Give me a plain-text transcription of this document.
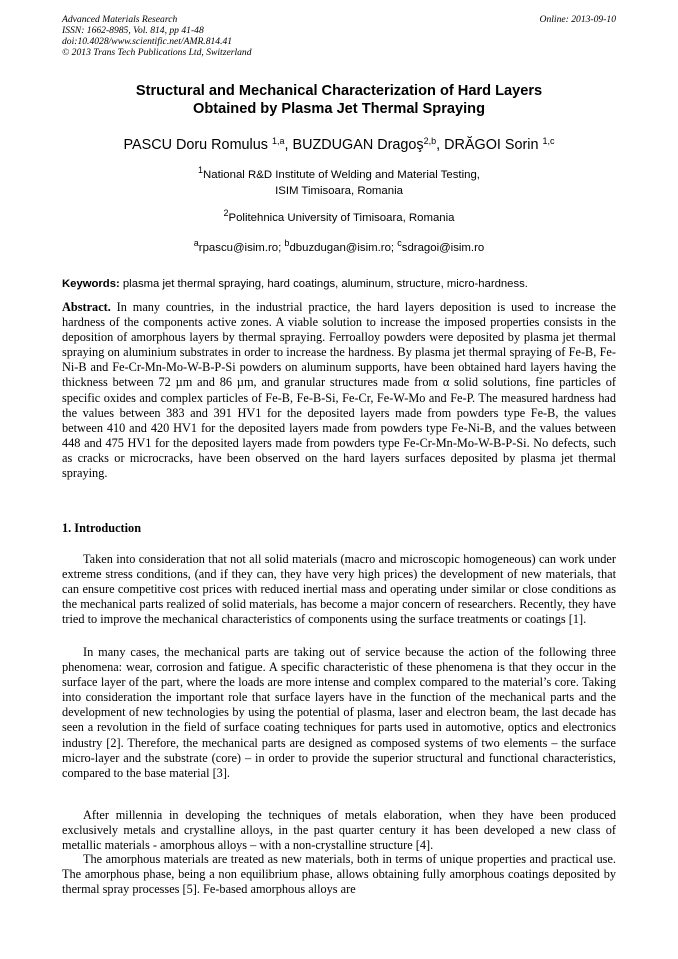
Advanced Materials Research
ISSN: 1662-8985, Vol. 814, pp 41-48
doi:10.4028/www.scientific.net/AMR.814.41
© 2013 Trans Tech Publications Ltd, Switzerland
Online: 2013-09-10
Structural and Mechanical Characterization of Hard Layers
Obtained by Plasma Jet Thermal Spraying
PASCU Doru Romulus $^{1,a}$, BUZDUGAN Dragoş$^{2,b}$, DRĂGOI Sorin $^{1,c}$
$^1$National R&D Institute of Welding and Material Testing,
ISIM Timisoara, Romania
$^2$Politehnica University of Timisoara, Romania
$^a$rpascu@isim.ro; $^b$dbuzdugan@isim.ro; $^c$sdragoi@isim.ro
Keywords: plasma jet thermal spraying, hard coatings, aluminum, structure, micro-hardness.
Abstract. In many countries, in the industrial practice, the hard layers deposition is used to increase the hardness of the components active zones. A viable solution to increase the imposed properties consists in the deposition of amorphous layers by thermal spraying. Ferroalloy powders were deposited by plasma jet thermal spraying on aluminium substrates in order to increase the hardness. By plasma jet thermal spraying of Fe-B, Fe-Ni-B and Fe-Cr-Mn-Mo-W-B-P-Si powders on aluminum supports, have been obtained hard layers having the thickness between 72 µm and 86 µm, and granular structures made from α solid solutions, fine particles of specific oxides and complex particles of Fe-B, Fe-B-Si, Fe-Cr, Fe-W-Mo and Fe-P. The measured hardness had the values between 383 and 391 HV1 for the deposited layers made from powders type Fe-B, the values between 410 and 420 HV1 for the deposited layers made from powders type Fe-Ni-B, and the values between 448 and 475 HV1 for the deposited layers made from powders type Fe-Cr-Mn-Mo-W-B-P-Si. No defects, such as cracks or microcracks, have been observed on the hard layers surfaces deposited by plasma jet thermal spraying.
1. Introduction
Taken into consideration that not all solid materials (macro and microscopic homogeneous) can work under extreme stress conditions, (and if they can, they have very high prices) the development of new materials, that can ensure competitive cost prices with reduced inertial mass and operating under similar or close conditions as the mechanical parts realized of solid materials, has become a major concern of researchers. Recently, they have tried to improve the mechanical characteristics of components using the surface treatments or coatings [1].
In many cases, the mechanical parts are taking out of service because the action of the following three phenomena: wear, corrosion and fatigue. A specific characteristic of these phenomena is that they occur in the surface layer of the part, where the loads are more intense and complex compared to the material’s core. Taking into consideration the important role that surface layers have in the function of the mechanical parts and the development of new technologies by using the potential of plasma, laser and electron beam, the last decade has seen a revolution in the field of surface coating techniques for parts used in automotive, optics and electronics industry [2]. Therefore, the mechanical parts are designed as composed systems of two elements – the surface micro-layer and the substrate (core) – in order to provide the superior structural and functional characteristics, compared to the base material [3].
After millennia in developing the techniques of metals elaboration, when they have been produced exclusively metals and crystalline alloys, in the past quarter century it has been developed a new class of metallic materials - amorphous alloys – with a non-crystalline structure [4].
The amorphous materials are treated as new materials, both in terms of unique properties and practical use. The amorphous phase, being a non equilibrium phase, allows obtaining fully amorphous coatings deposited by thermal spray processes [5]. Fe-based amorphous alloys are
